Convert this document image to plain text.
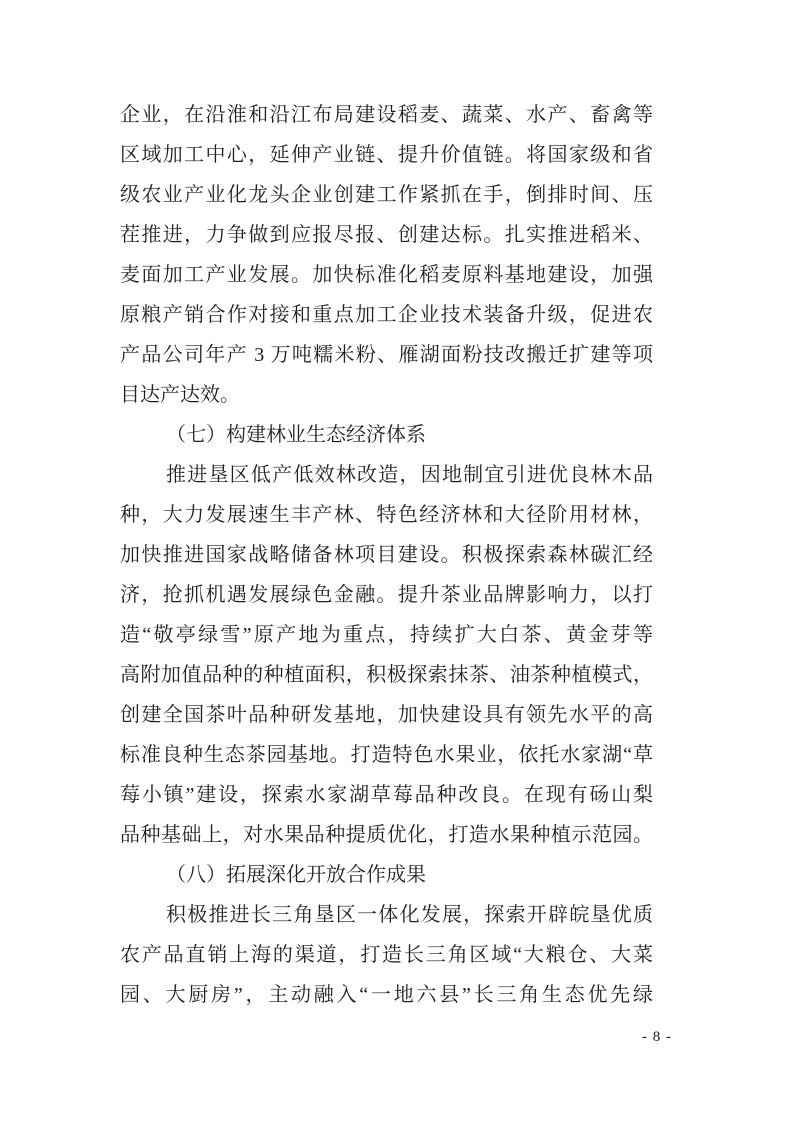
企业，在沿淮和沿江布局建设稻麦、蔬菜、水产、畜禽等
区域加工中心，延伸产业链、提升价值链。将国家级和省
级农业产业化龙头企业创建工作紧抓在手，倒排时间、压
茬推进，力争做到应报尽报、创建达标。扎实推进稻米、
麦面加工产业发展。加快标准化稻麦原料基地建设，加强
原粮产销合作对接和重点加工企业技术装备升级，促进农
产品公司年产 3 万吨糯米粉、雁湖面粉技改搬迁扩建等项
目达产达效。
（七）构建林业生态经济体系
推进垦区低产低效林改造，因地制宜引进优良林木品
种，大力发展速生丰产林、特色经济林和大径阶用材林，
加快推进国家战略储备林项目建设。积极探索森林碳汇经
济，抢抓机遇发展绿色金融。提升茶业品牌影响力，以打
造“敬亭绿雪”原产地为重点，持续扩大白茶、黄金芽等
高附加值品种的种植面积，积极探索抹茶、油茶种植模式，
创建全国茶叶品种研发基地，加快建设具有领先水平的高
标准良种生态茶园基地。打造特色水果业，依托水家湖“草
莓小镇”建设，探索水家湖草莓品种改良。在现有砀山梨
品种基础上，对水果品种提质优化，打造水果种植示范园。
（八）拓展深化开放合作成果
积极推进长三角垦区一体化发展，探索开辟皖垦优质
农产品直销上海的渠道，打造长三角区域“大粮仓、大菜
园、大厨房”，主动融入“一地六县”长三角生态优先绿
- 8 -
